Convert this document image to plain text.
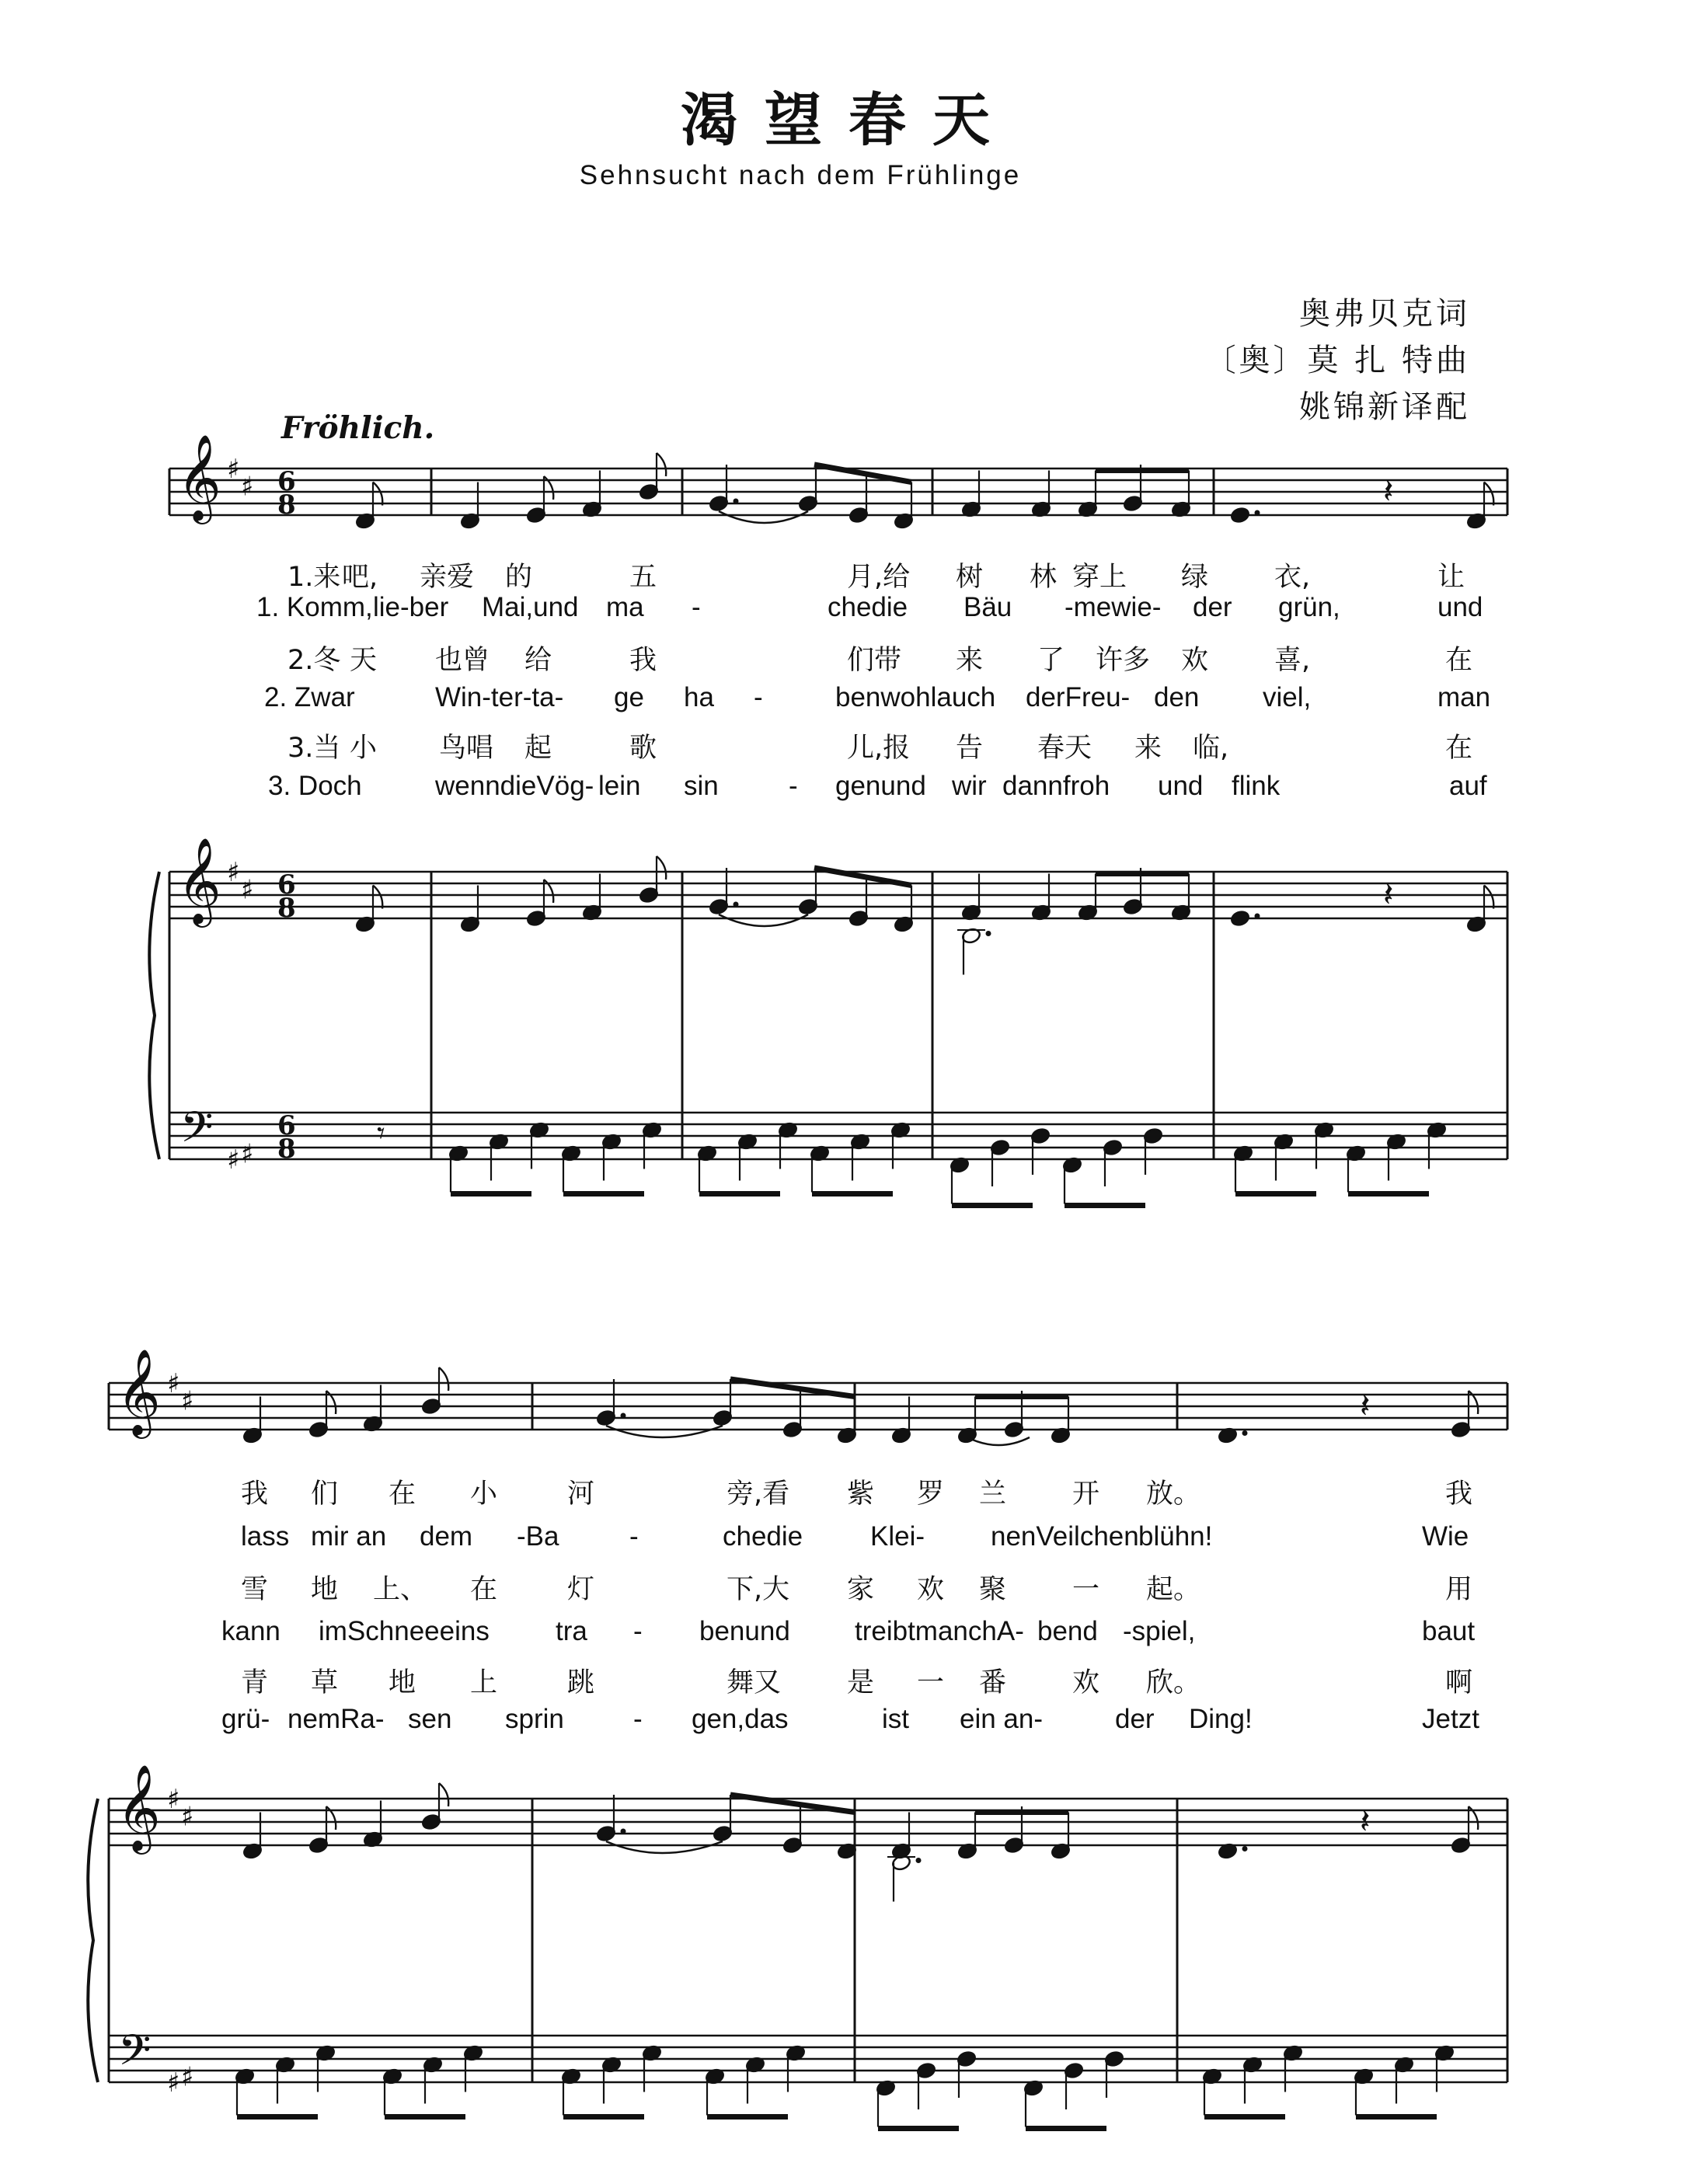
𝄞 ♯
♯ 6
8
𝄞 ♯
♯ 6
8
𝄢 ♯ ♯
6
8
𝄽
𝄽
𝄾
𝄞 ♯
♯
𝄞 ♯
♯
𝄢 ♯ ♯
𝄽
𝄽
渴望春天
Sehnsucht nach dem Frühlinge
奥弗贝克词
〔奥〕莫 扎 特曲
姚锦新译配
Fröhlich.
1.来 吧, 亲爱 的	五	月,给 树 林 穿上 绿 衣,	让
1. Komm, lie-ber Mai,und ma -	chedie Bäu -mewie- der grün,	und
2.冬 天 也曾 给	我	们带 来 了 许多 欢 喜,	在
2. Zwar	Win-ter-ta- ge ha -	benwohlauch derFreu- den viel,	man
3.当 小 鸟唱 起	歌	儿,报 告 春天 来 临,	在
3. Doch	wenndieVög- lein sin	- genund wir dannfroh und flink	auf
我 们 在 小	河	旁,看 紫 罗 兰 开 放。	我
lass mir an dem -Ba	-	chedie Klei- nenVeilchen blühn!	Wie
雪 地 上、 在	灯	下,大 家 欢 聚 一 起。	用
kann imSchneeeins tra - benund treibtmanchA- bend -spiel,	baut
青 草 地 上	跳	舞又 是 一 番 欢 欣。	啊
grü- nemRa- sen sprin	- gen,das	ist ein an-	der Ding!	Jetzt
